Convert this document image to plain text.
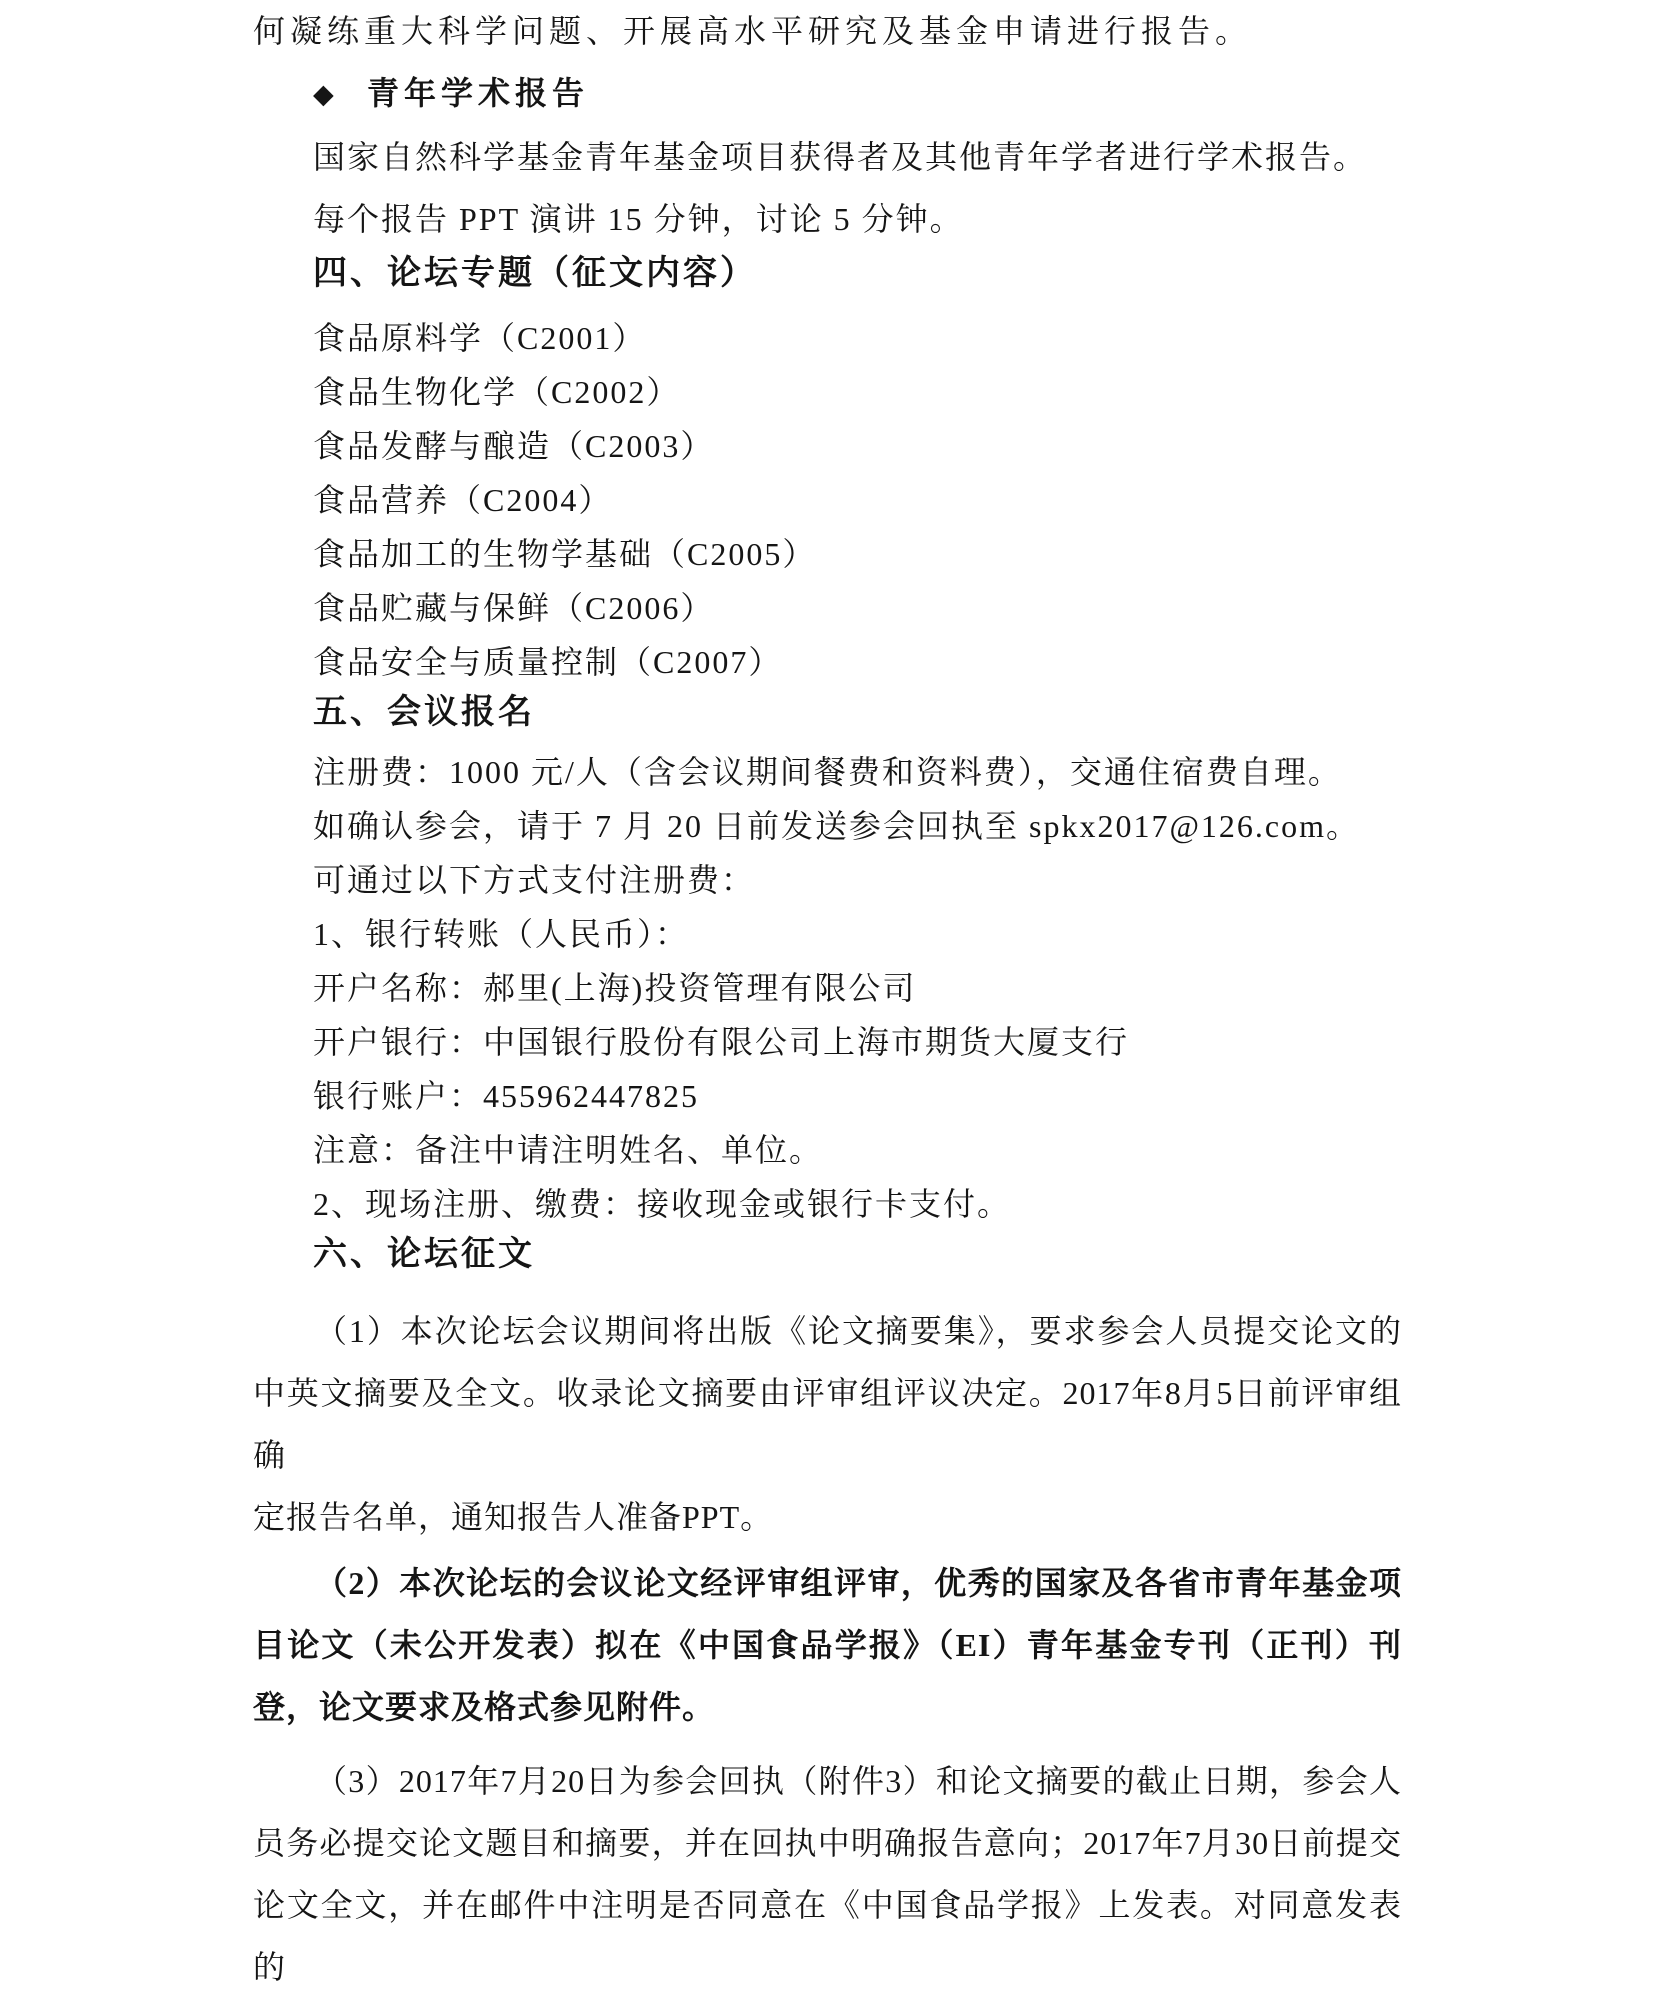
何凝练重大科学问题、开展高水平研究及基金申请进行报告。
◆ 青年学术报告
国家自然科学基金青年基金项目获得者及其他青年学者进行学术报告。
每个报告 PPT 演讲 15 分钟，讨论 5 分钟。
四、论坛专题（征文内容）
食品原料学（C2001）
食品生物化学（C2002）
食品发酵与酿造（C2003）
食品营养（C2004）
食品加工的生物学基础（C2005）
食品贮藏与保鲜（C2006）
食品安全与质量控制（C2007）
五、会议报名
注册费：1000 元/人（含会议期间餐费和资料费），交通住宿费自理。
如确认参会，请于 7 月 20 日前发送参会回执至 spkx2017@126.com。
可通过以下方式支付注册费：
1、银行转账（人民币）：
开户名称：郝里(上海)投资管理有限公司
开户银行：中国银行股份有限公司上海市期货大厦支行
银行账户：455962447825
注意：备注中请注明姓名、单位。
2、现场注册、缴费：接收现金或银行卡支付。
六、论坛征文
（1）本次论坛会议期间将出版《论文摘要集》，要求参会人员提交论文的
中英文摘要及全文。收录论文摘要由评审组评议决定。2017年8月5日前评审组确
定报告名单，通知报告人准备PPT。
（2）本次论坛的会议论文经评审组评审，优秀的国家及各省市青年基金项
目论文（未公开发表）拟在《中国食品学报》（EI）青年基金专刊（正刊）刊
登，论文要求及格式参见附件。
（3）2017年7月20日为参会回执（附件3）和论文摘要的截止日期，参会人
员务必提交论文题目和摘要，并在回执中明确报告意向；2017年7月30日前提交
论文全文，并在邮件中注明是否同意在《中国食品学报》上发表。对同意发表的
